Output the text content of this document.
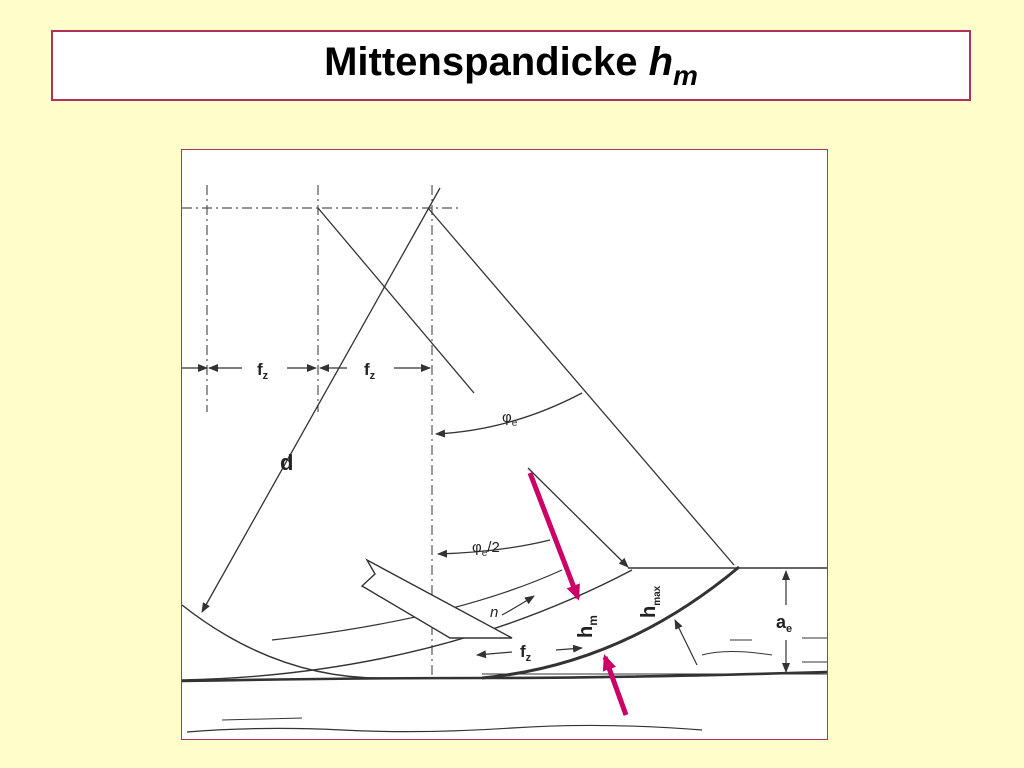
Mittenspandicke $h_m$
d
$f_z$	$f_z$
$\varphi_e$
$\varphi_e/2$
n
$f_z$
$h_m$
$h_{max}$
$a_e$
